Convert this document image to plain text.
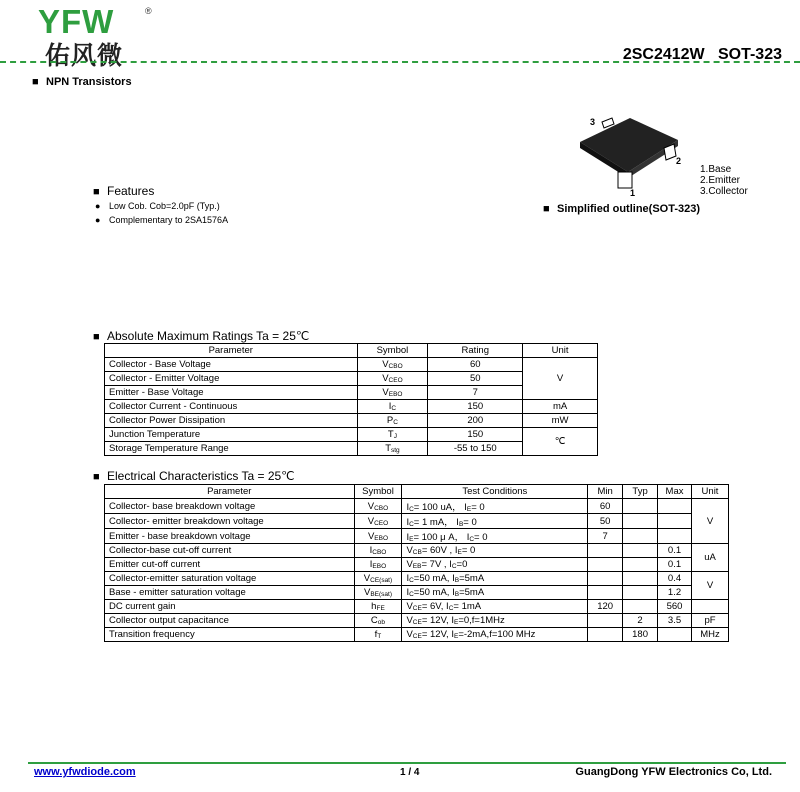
YFW	®
佑风微	2SC2412W   SOT-323
■ NPN Transistors
3
2
1
1.Base
2.Emitter
3.Collector
■ Simplified outline(SOT-323)
■ Features
● Low Cob. Cob=2.0pF (Typ.)
● Complementary to 2SA1576A
■ Absolute Maximum Ratings Ta = 25℃
Parameter	Symbol	Rating	Unit
Collector - Base Voltage	$V_{CBO}$	60	V
Collector - Emitter Voltage	$V_{CEO}$	50	
Emitter - Base Voltage	$V_{EBO}$	7	
Collector Current - Continuous	$I_C$	150	mA
Collector Power Dissipation	$P_C$	200	mW
Junction Temperature	$T_J$	150	℃
Storage Temperature Range	$T_{stg}$	-55 to 150	
■ Electrical Characteristics Ta = 25℃
Parameter	Symbol	Test Conditions	Min	Typ	Max	Unit
Collector- base breakdown voltage	$V_{CBO}$	$I_C= 100$ uA， $I_E= 0$	60			V
Collector- emitter breakdown voltage	$V_{CEO}$	$I_C= 1$ mA， $I_B= 0$	50			
Emitter - base breakdown voltage	$V_{EBO}$	$I_E= 100$ μ A， $I_C= 0$	7			
Collector-base cut-off current	$I_{CBO}$	$V_{CB}= 60V$ , $I_E= 0$			0.1	uA
Emitter cut-off current	$I_{EBO}$	$V_{EB}= 7V$ , $I_C=0$			0.1	
Collector-emitter saturation voltage	$V_{CE(sat)}$	$I_C=50$ mA, $I_B=5mA$			0.4	V
Base - emitter saturation voltage	$V_{BE(sat)}$	$I_C=50$ mA, $I_B=5mA$			1.2	
DC current gain	$h_{FE}$	$V_{CE}= 6V$, $I_C= 1mA$	120		560	
Collector output capacitance	$C_{ob}$	$V_{CE}= 12V$, $I_E=0,f=1MHz$		2	3.5	pF
Transition frequency	$f_T$	$V_{CE}= 12V$, $I_E=-2mA,f=100$ MHz		180		MHz
www.yfwdiode.com	1 / 4	GuangDong YFW Electronics Co, Ltd.
